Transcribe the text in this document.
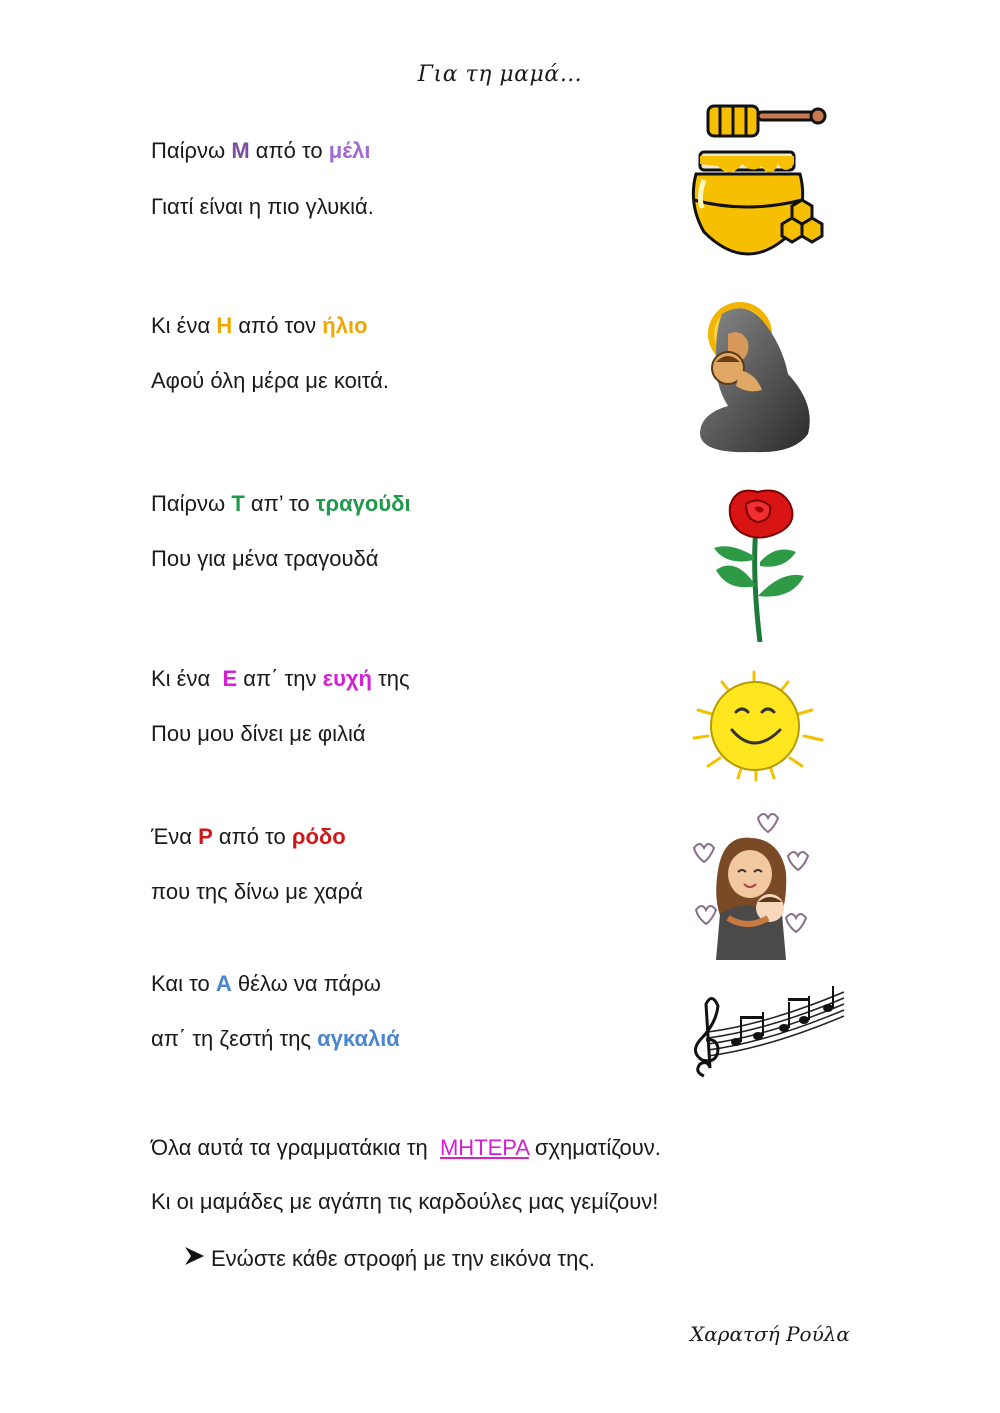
Για τη μαμά…
Παίρνω Μ από το μέλι
Γιατί είναι η πιο γλυκιά.
Κι ένα Η από τον ήλιο
Αφού όλη μέρα με κοιτά.
Παίρνω Τ απ’ το τραγούδι
Που για μένα τραγουδά
Κι ένα  Ε απ΄ την ευχή της
Που μου δίνει με φιλιά
Ένα Ρ από το ρόδο
που της δίνω με χαρά
Και το Α θέλω να πάρω
απ΄ τη ζεστή της αγκαλιά
Όλα αυτά τα γραμματάκια τη  ΜΗΤΕΡΑ σχηματίζουν.
Κι οι μαμάδες με αγάπη τις καρδούλες μας γεμίζουν!
Ενώστε κάθε στροφή με την εικόνα της.
Χαρατσή Ρούλα
